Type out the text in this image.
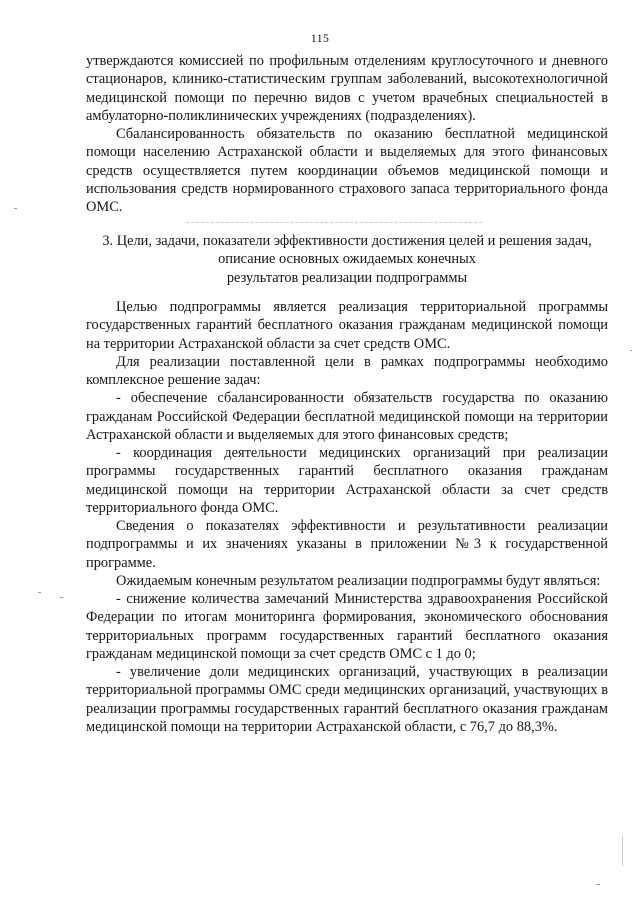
115

утверждаются комиссией по профильным отделениям круглосуточного и дневного стационаров, клинико-статистическим группам заболеваний, высокотехнологичной медицинской помощи по перечню видов с учетом врачебных специальностей в амбулаторно-поликлинических учреждениях (подразделениях).

Сбалансированность обязательств по оказанию бесплатной медицинской помощи населению Астраханской области и выделяемых для этого финансовых средств осуществляется путем координации объемов медицинской помощи и использования средств нормированного страхового запаса территориального фонда ОМС.

3. Цели, задачи, показатели эффективности достижения целей и решения задач,
описание основных ожидаемых конечных
результатов реализации подпрограммы

Целью подпрограммы является реализация территориальной программы государственных гарантий бесплатного оказания гражданам медицинской помощи на территории Астраханской области за счет средств ОМС.

Для реализации поставленной цели в рамках подпрограммы необходимо комплексное решение задач:

- обеспечение сбалансированности обязательств государства по оказанию гражданам Российской Федерации бесплатной медицинской помощи на территории Астраханской области и выделяемых для этого финансовых средств;

- координация деятельности медицинских организаций при реализации программы государственных гарантий бесплатного оказания гражданам медицинской помощи на территории Астраханской области за счет средств территориального фонда ОМС.

Сведения о показателях эффективности и результативности реализации подпрограммы и их значениях указаны в приложении №3 к государственной программе.

Ожидаемым конечным результатом реализации подпрограммы будут являться:

- снижение количества замечаний Министерства здравоохранения Российской Федерации по итогам мониторинга формирования, экономического обоснования территориальных программ государственных гарантий бесплатного оказания гражданам медицинской помощи за счет средств ОМС с 1 до 0;

- увеличение доли медицинских организаций, участвующих в реализации территориальной программы ОМС среди медицинских организаций, участвующих в реализации программы государственных гарантий бесплатного оказания гражданам медицинской помощи на территории Астраханской области, с 76,7 до 88,3%.
